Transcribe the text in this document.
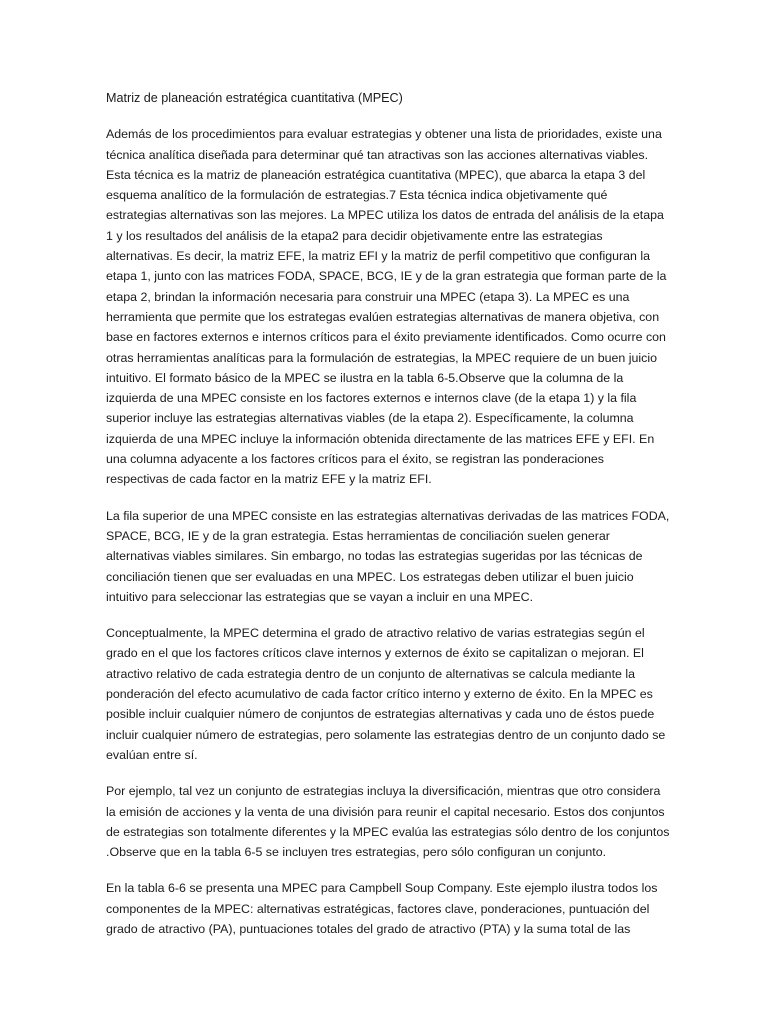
Matriz de planeación estratégica cuantitativa (MPEC)

Además de los procedimientos para evaluar estrategias y obtener una lista de prioridades, existe una técnica analítica diseñada para determinar qué tan atractivas son las acciones alternativas viables. Esta técnica es la matriz de planeación estratégica cuantitativa (MPEC), que abarca la etapa 3 del esquema analítico de la formulación de estrategias.7 Esta técnica indica objetivamente qué estrategias alternativas son las mejores. La MPEC utiliza los datos de entrada del análisis de la etapa 1 y los resultados del análisis de la etapa2 para decidir objetivamente entre las estrategias alternativas. Es decir, la matriz EFE, la matriz EFI y la matriz de perfil competitivo que configuran la etapa 1, junto con las matrices FODA, SPACE, BCG, IE y de la gran estrategia que forman parte de la etapa 2, brindan la información necesaria para construir una MPEC (etapa 3). La MPEC es una herramienta que permite que los estrategas evalúen estrategias alternativas de manera objetiva, con base en factores externos e internos críticos para el éxito previamente identificados. Como ocurre con otras herramientas analíticas para la formulación de estrategias, la MPEC requiere de un buen juicio intuitivo. El formato básico de la MPEC se ilustra en la tabla 6-5.Observe que la columna de la izquierda de una MPEC consiste en los factores externos e internos clave (de la etapa 1) y la fila superior incluye las estrategias alternativas viables (de la etapa 2). Específicamente, la columna izquierda de una MPEC incluye la información obtenida directamente de las matrices EFE y EFI. En una columna adyacente a los factores críticos para el éxito, se registran las ponderaciones respectivas de cada factor en la matriz EFE y la matriz EFI.

La fila superior de una MPEC consiste en las estrategias alternativas derivadas de las matrices FODA, SPACE, BCG, IE y de la gran estrategia. Estas herramientas de conciliación suelen generar alternativas viables similares. Sin embargo, no todas las estrategias sugeridas por las técnicas de conciliación tienen que ser evaluadas en una MPEC. Los estrategas deben utilizar el buen juicio intuitivo para seleccionar las estrategias que se vayan a incluir en una MPEC.

Conceptualmente, la MPEC determina el grado de atractivo relativo de varias estrategias según el grado en el que los factores críticos clave internos y externos de éxito se capitalizan o mejoran. El atractivo relativo de cada estrategia dentro de un conjunto de alternativas se calcula mediante la ponderación del efecto acumulativo de cada factor crítico interno y externo de éxito. En la MPEC es posible incluir cualquier número de conjuntos de estrategias alternativas y cada uno de éstos puede incluir cualquier número de estrategias, pero solamente las estrategias dentro de un conjunto dado se evalúan entre sí.

Por ejemplo, tal vez un conjunto de estrategias incluya la diversificación, mientras que otro considera la emisión de acciones y la venta de una división para reunir el capital necesario. Estos dos conjuntos de estrategias son totalmente diferentes y la MPEC evalúa las estrategias sólo dentro de los conjuntos .Observe que en la tabla 6-5 se incluyen tres estrategias, pero sólo configuran un conjunto.

En la tabla 6-6 se presenta una MPEC para Campbell Soup Company. Este ejemplo ilustra todos los componentes de la MPEC: alternativas estratégicas, factores clave, ponderaciones, puntuación del grado de atractivo (PA), puntuaciones totales del grado de atractivo (PTA) y la suma total de las
